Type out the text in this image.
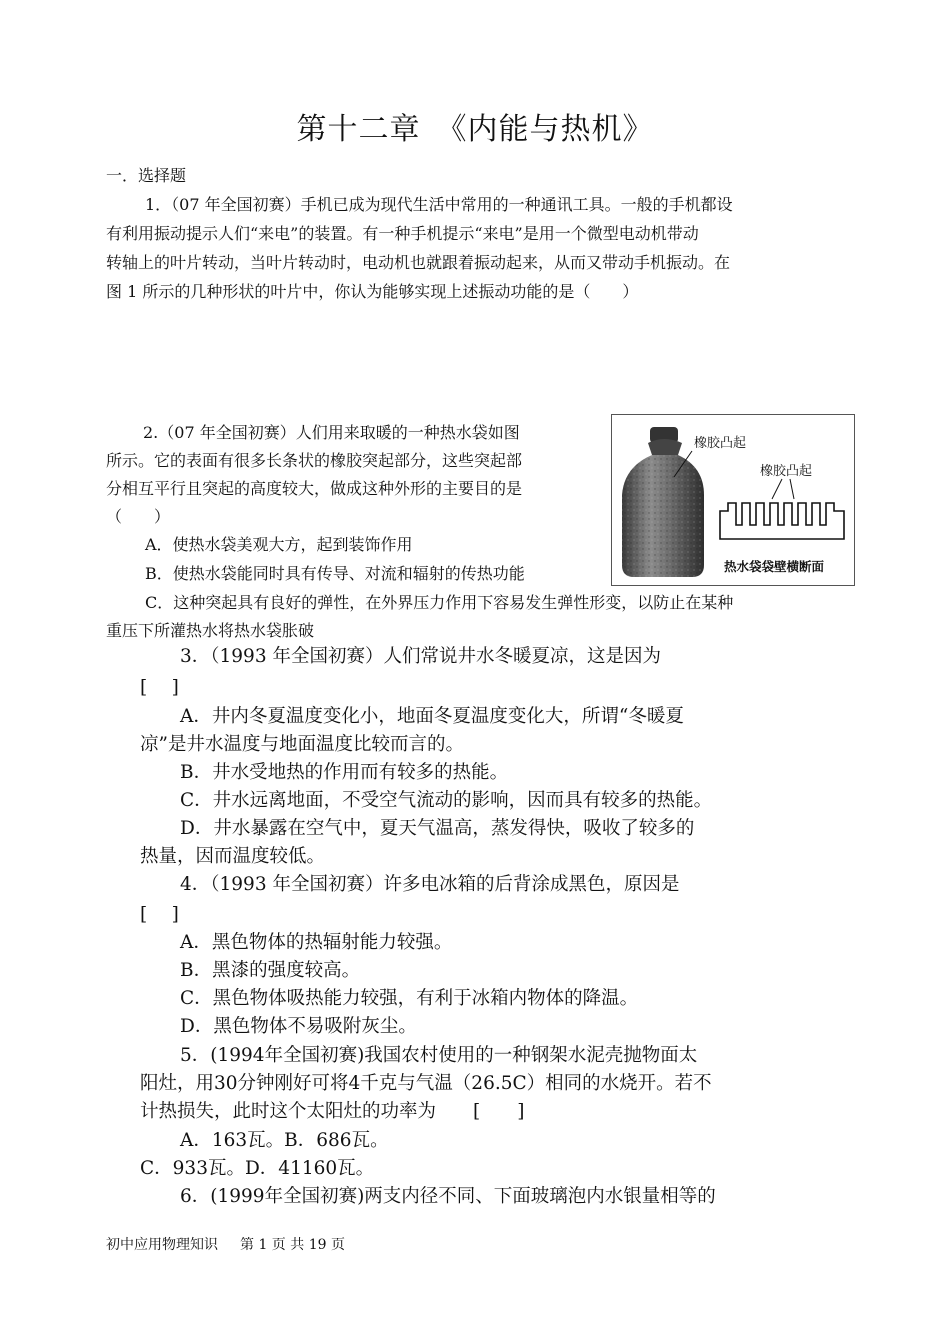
第十二章　《内能与热机》
一．选择题
1．（07 年全国初赛）手机已成为现代生活中常用的一种通讯工具。一般的手机都设
有利用振动提示人们“来电”的装置。有一种手机提示“来电”是用一个微型电动机带动
转轴上的叶片转动，当叶片转动时，电动机也就跟着振动起来，从而又带动手机振动。在
图 1 所示的几种形状的叶片中，你认为能够实现上述振动功能的是（　　）
2.（07 年全国初赛）人们用来取暖的一种热水袋如图
所示。它的表面有很多长条状的橡胶突起部分，这些突起部
分相互平行且突起的高度较大，做成这种外形的主要目的是
（　　）
A．使热水袋美观大方，起到装饰作用
B．使热水袋能同时具有传导、对流和辐射的传热功能
C．这种突起具有良好的弹性，在外界压力作用下容易发生弹性形变，以防止在某种
重压下所灌热水将热水袋胀破
橡胶凸起
橡胶凸起
热水袋袋壁横断面
3．（1993 年全国初赛）人们常说井水冬暖夏凉，这是因为
[　 ]
A．井内冬夏温度变化小，地面冬夏温度变化大，所谓“冬暖夏
凉”是井水温度与地面温度比较而言的。
B．井水受地热的作用而有较多的热能。
C．井水远离地面，不受空气流动的影响，因而具有较多的热能。
D．井水暴露在空气中，夏天气温高，蒸发得快，吸收了较多的
热量，因而温度较低。
4．（1993 年全国初赛）许多电冰箱的后背涂成黑色，原因是
[　 ]
A．黑色物体的热辐射能力较强。
B．黑漆的强度较高。
C．黑色物体吸热能力较强，有利于冰箱内物体的降温。
D．黑色物体不易吸附灰尘。
5．(1994年全国初赛)我国农村使用的一种钢架水泥壳抛物面太
阳灶，用30分钟刚好可将4千克与气温（26.5C）相同的水烧开。若不
计热损失，此时这个太阳灶的功率为　　[　　]
A．163瓦。B．686瓦。
C．933瓦。D．41160瓦。
6．(1999年全国初赛)两支内径不同、下面玻璃泡内水银量相等的
初中应用物理知识 第 1 页 共 19 页
